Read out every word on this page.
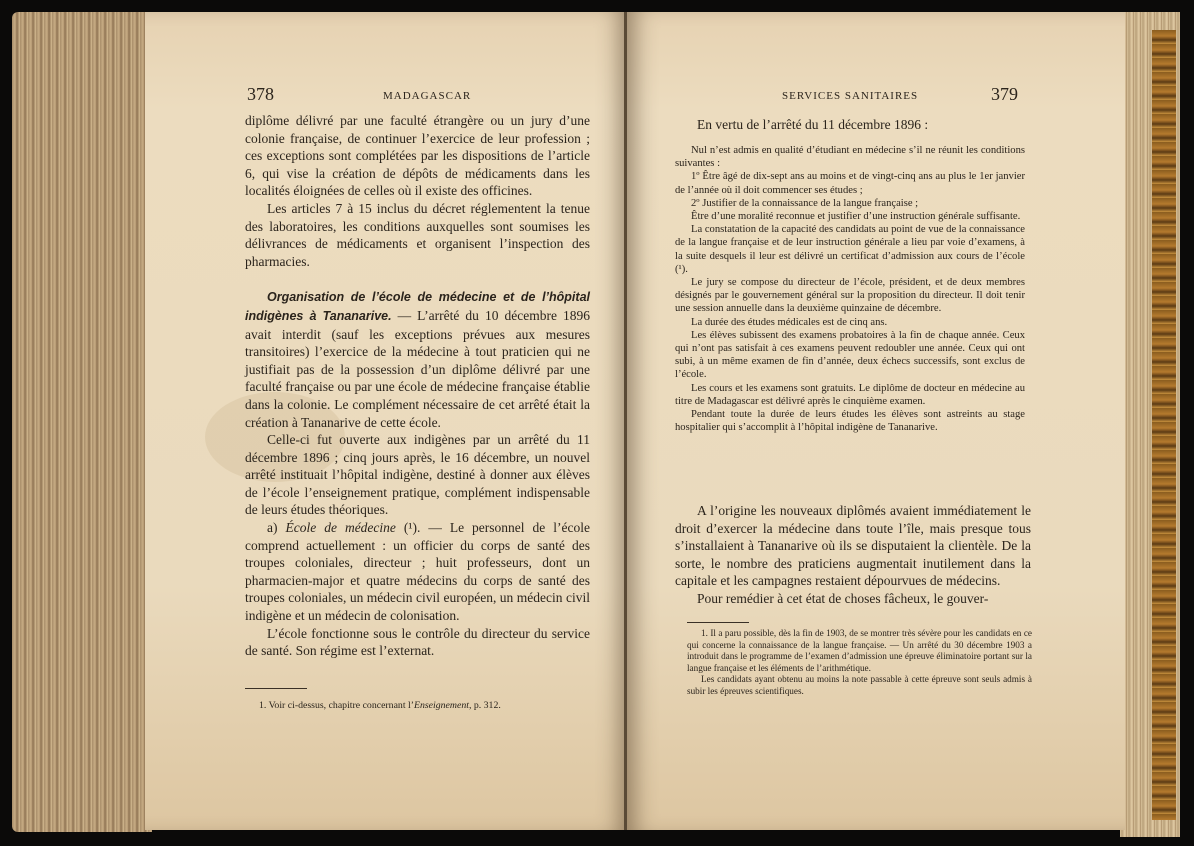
378	MADAGASCAR

diplôme délivré par une faculté étrangère ou un jury d’une colonie française, de continuer l’exercice de leur profession ; ces exceptions sont complétées par les dispositions de l’article 6, qui vise la création de dépôts de médicaments dans les localités éloignées de celles où il existe des officines.

Les articles 7 à 15 inclus du décret réglementent la tenue des laboratoires, les conditions auxquelles sont soumises les délivrances de médicaments et organisent l’inspection des pharmacies.

Organisation de l’école de médecine et de l’hôpital indigènes à Tananarive. — L’arrêté du 10 décembre 1896 avait interdit (sauf les exceptions prévues aux mesures transitoires) l’exercice de la médecine à tout praticien qui ne justifiait pas de la possession d’un diplôme délivré par une faculté française ou par une école de médecine française établie dans la colonie. Le complément nécessaire de cet arrêté était la création à Tananarive de cette école.

Celle-ci fut ouverte aux indigènes par un arrêté du 11 décembre 1896 ; cinq jours après, le 16 décembre, un nouvel arrêté instituait l’hôpital indigène, destiné à donner aux élèves de l’école l’enseignement pratique, complément indispensable de leurs études théoriques.

a) École de médecine (¹). — Le personnel de l’école comprend actuellement : un officier du corps de santé des troupes coloniales, directeur ; huit professeurs, dont un pharmacien-major et quatre médecins du corps de santé des troupes coloniales, un médecin civil européen, un médecin civil indigène et un médecin de colonisation.

L’école fonctionne sous le contrôle du directeur du service de santé. Son régime est l’externat.

1. Voir ci-dessus, chapitre concernant l’Enseignement, p. 312.

SERVICES SANITAIRES	379

En vertu de l’arrêté du 11 décembre 1896 :

Nul n’est admis en qualité d’étudiant en médecine s’il ne réunit les conditions suivantes :

1º Être âgé de dix-sept ans au moins et de vingt-cinq ans au plus le 1er janvier de l’année où il doit commencer ses études ;

2º Justifier de la connaissance de la langue française ;

Être d’une moralité reconnue et justifier d’une instruction générale suffisante.

La constatation de la capacité des candidats au point de vue de la connaissance de la langue française et de leur instruction générale a lieu par voie d’examens, à la suite desquels il leur est délivré un certificat d’admission aux cours de l’école (¹).

Le jury se compose du directeur de l’école, président, et de deux membres désignés par le gouvernement général sur la proposition du directeur. Il doit tenir une session annuelle dans la deuxième quinzaine de décembre.

La durée des études médicales est de cinq ans.

Les élèves subissent des examens probatoires à la fin de chaque année. Ceux qui n’ont pas satisfait à ces examens peuvent redoubler une année. Ceux qui ont subi, à un même examen de fin d’année, deux échecs successifs, sont exclus de l’école.

Les cours et les examens sont gratuits. Le diplôme de docteur en médecine au titre de Madagascar est délivré après le cinquième examen.

Pendant toute la durée de leurs études les élèves sont astreints au stage hospitalier qui s’accomplit à l’hôpital indigène de Tananarive.

A l’origine les nouveaux diplômés avaient immédiatement le droit d’exercer la médecine dans toute l’île, mais presque tous s’installaient à Tananarive où ils se disputaient la clientèle. De la sorte, le nombre des praticiens augmentait inutilement dans la capitale et les campagnes restaient dépourvues de médecins.

Pour remédier à cet état de choses fâcheux, le gouver-

1. Il a paru possible, dès la fin de 1903, de se montrer très sévère pour les candidats en ce qui concerne la connaissance de la langue française. — Un arrêté du 30 décembre 1903 a introduit dans le programme de l’examen d’admission une épreuve éliminatoire portant sur la langue française et les éléments de l’arithmétique.

Les candidats ayant obtenu au moins la note passable à cette épreuve sont seuls admis à subir les épreuves scientifiques.
